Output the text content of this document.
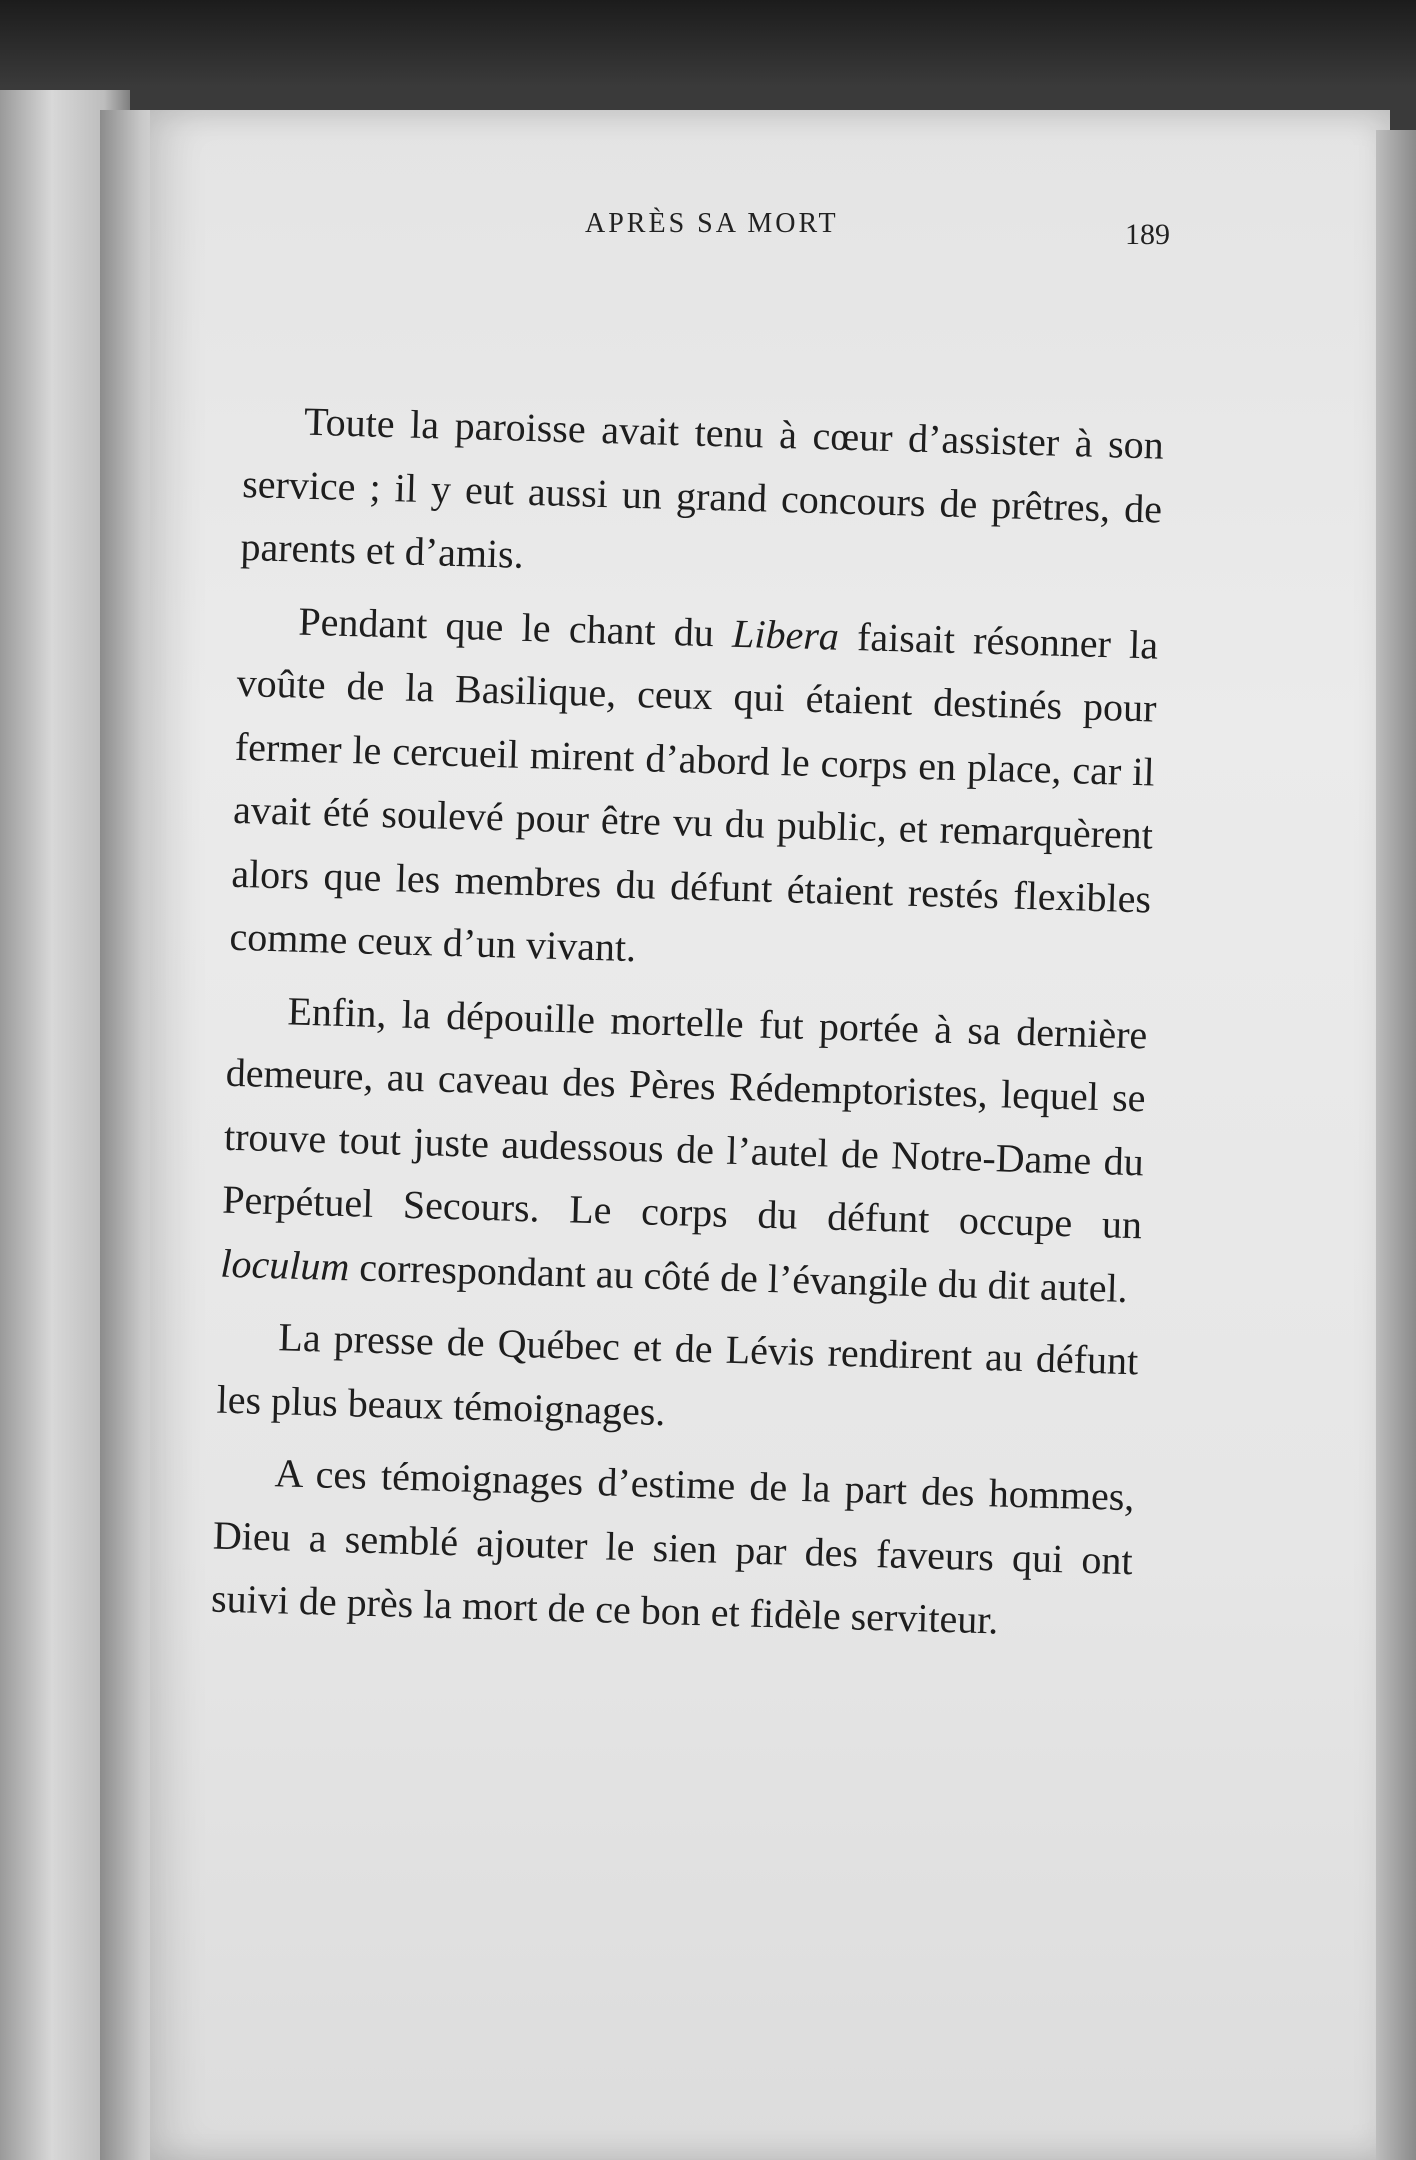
APRÈS SA MORT	189

Toute la paroisse avait tenu à cœur d’assister à son service ; il y eut aussi un grand concours de prêtres, de parents et d’amis.

Pendant que le chant du Libera faisait résonner la voûte de la Basilique, ceux qui étaient destinés pour fermer le cercueil mirent d’abord le corps en place, car il avait été soulevé pour être vu du public, et remarquèrent alors que les membres du défunt étaient restés flexibles comme ceux d’un vivant.

Enfin, la dépouille mortelle fut portée à sa dernière demeure, au caveau des Pères Rédemptoristes, lequel se trouve tout juste audessous de l’autel de Notre-Dame du Perpétuel Secours. Le corps du défunt occupe un loculum correspondant au côté de l’évangile du dit autel.

La presse de Québec et de Lévis rendirent au défunt les plus beaux témoignages.

A ces témoignages d’estime de la part des hommes, Dieu a semblé ajouter le sien par des faveurs qui ont suivi de près la mort de ce bon et fidèle serviteur.
